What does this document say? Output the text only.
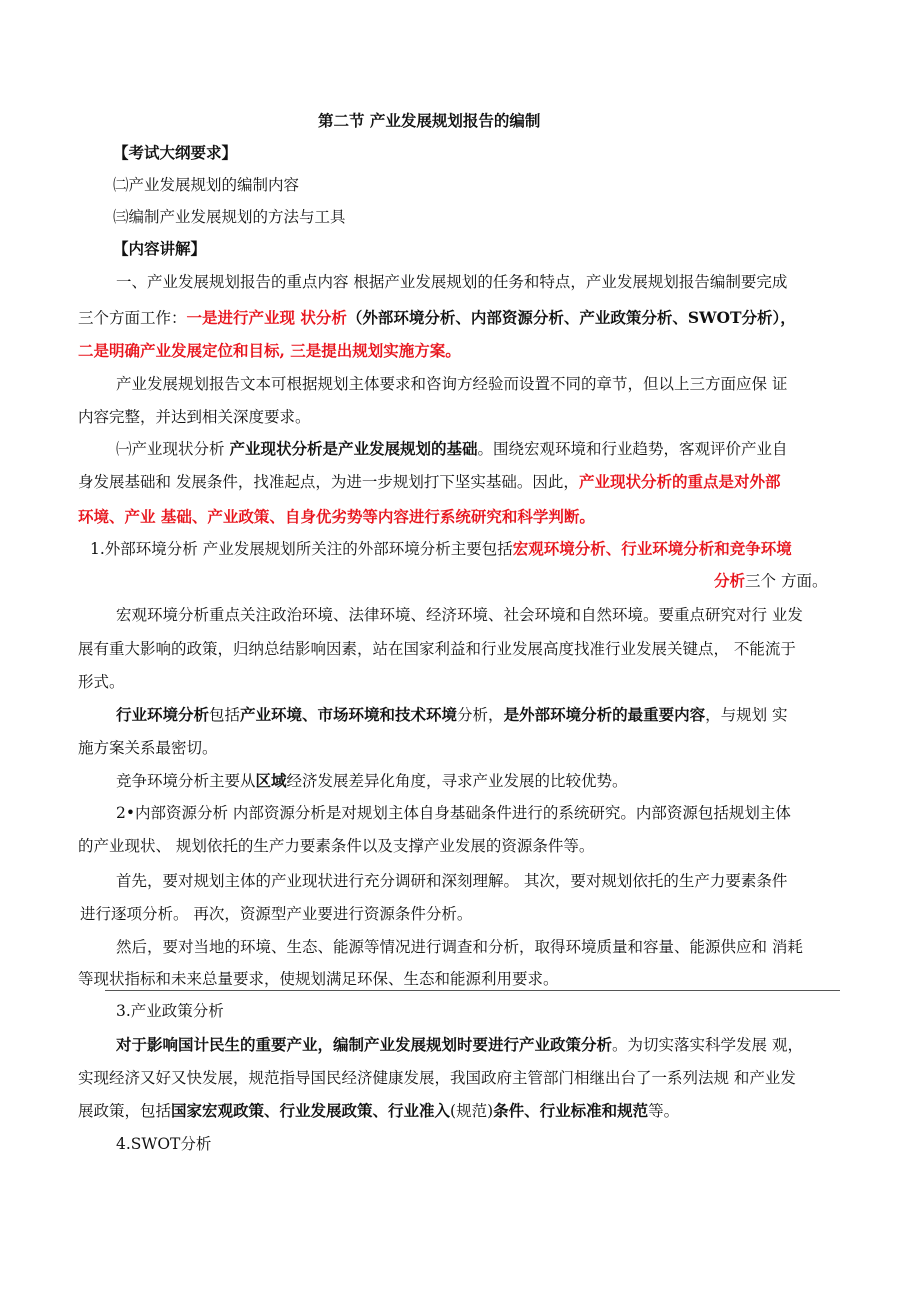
第二节 产业发展规划报告的编制
【考试大纲要求】
㈡产业发展规划的编制内容
㈢编制产业发展规划的方法与工具
【内容讲解】
一、产业发展规划报告的重点内容 根据产业发展规划的任务和特点，产业发展规划报告编制要完成
三个方面工作：一是进行产业现 状分析（外部环境分析、内部资源分析、产业政策分析、SWOT分析），
二是明确产业发展定位和目标, 三是提出规划实施方案。
产业发展规划报告文本可根据规划主体要求和咨询方经验而设置不同的章节，但以上三方面应保 证
内容完整，并达到相关深度要求。
㈠产业现状分析 产业现状分析是产业发展规划的基础。围绕宏观环境和行业趋势，客观评价产业自
身发展基础和 发展条件，找准起点，为进一步规划打下坚实基础。因此，产业现状分析的重点是对外部
环境、产业 基础、产业政策、自身优劣势等内容进行系统研究和科学判断。
1.外部环境分析 产业发展规划所关注的外部环境分析主要包括宏观环境分析、行业环境分析和竞争环境
分析三个 方面。
宏观环境分析重点关注政治环境、法律环境、经济环境、社会环境和自然环境。要重点研究对行 业发
展有重大影响的政策，归纳总结影响因素，站在国家利益和行业发展高度找准行业发展关键点， 不能流于
形式。
行业环境分析包括产业环境、市场环境和技术环境分析，是外部环境分析的最重要内容，与规划 实
施方案关系最密切。
竞争环境分析主要从区域经济发展差异化角度，寻求产业发展的比较优势。
2•内部资源分析 内部资源分析是对规划主体自身基础条件进行的系统研究。内部资源包括规划主体
的产业现状、 规划依托的生产力要素条件以及支撑产业发展的资源条件等。
首先，要对规划主体的产业现状进行充分调研和深刻理解。 其次，要对规划依托的生产力要素条件
进行逐项分析。 再次，资源型产业要进行资源条件分析。
然后，要对当地的环境、生态、能源等情况进行调查和分析，取得环境质量和容量、能源供应和 消耗
等现状指标和未来总量要求，使规划满足环保、生态和能源利用要求。
3.产业政策分析
对于影响国计民生的重要产业，编制产业发展规划时要进行产业政策分析。为切实落实科学发展 观，
实现经济又好又快发展，规范指导国民经济健康发展，我国政府主管部门相继出台了一系列法规 和产业发
展政策，包括国家宏观政策、行业发展政策、行业准入(规范)条件、行业标准和规范等。
4.SWOT分析
